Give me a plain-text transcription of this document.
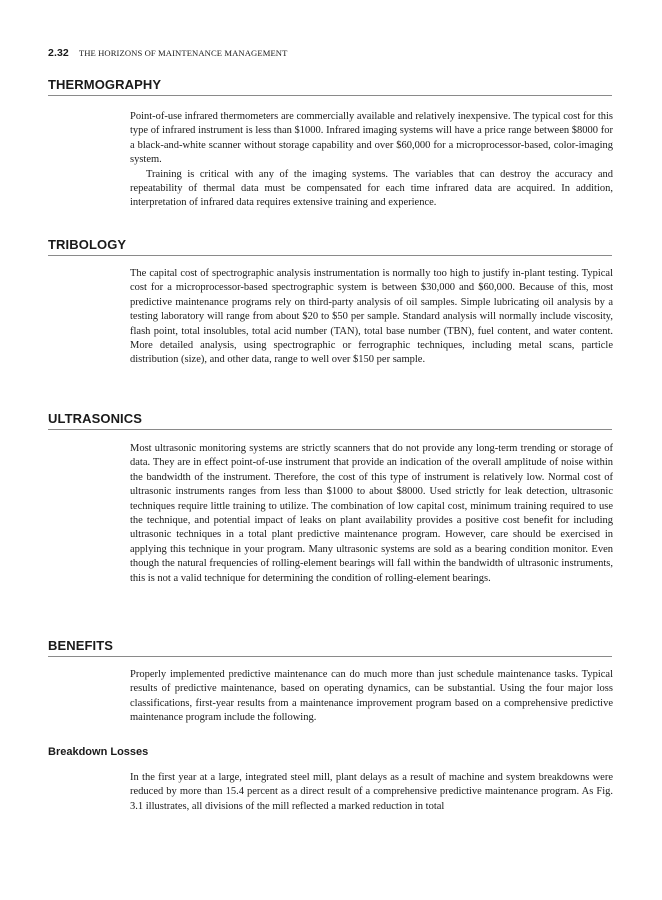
2.32 THE HORIZONS OF MAINTENANCE MANAGEMENT
THERMOGRAPHY

Point-of-use infrared thermometers are commercially available and relatively inexpensive. The typical cost for this type of infrared instrument is less than $1000. Infrared imaging systems will have a price range between $8000 for a black-and-white scanner without storage capability and over $60,000 for a microprocessor-based, color-imaging system.

Training is critical with any of the imaging systems. The variables that can destroy the accuracy and repeatability of thermal data must be compensated for each time infrared data are acquired. In addition, interpretation of infrared data requires extensive training and experience.

TRIBOLOGY

The capital cost of spectrographic analysis instrumentation is normally too high to justify in-plant testing. Typical cost for a microprocessor-based spectrographic system is between $30,000 and $60,000. Because of this, most predictive maintenance programs rely on third-party analysis of oil samples. Simple lubricating oil analysis by a testing laboratory will range from about $20 to $50 per sample. Standard analysis will normally include viscosity, flash point, total insolubles, total acid number (TAN), total base number (TBN), fuel content, and water content. More detailed analysis, using spectrographic or ferrographic techniques, including metal scans, particle distribution (size), and other data, range to well over $150 per sample.

ULTRASONICS

Most ultrasonic monitoring systems are strictly scanners that do not provide any long-term trending or storage of data. They are in effect point-of-use instrument that provide an indication of the overall amplitude of noise within the bandwidth of the instrument. Therefore, the cost of this type of instrument is relatively low. Normal cost of ultrasonic instruments ranges from less than $1000 to about $8000. Used strictly for leak detection, ultrasonic techniques require little training to utilize. The combination of low capital cost, minimum training required to use the technique, and potential impact of leaks on plant availability provides a positive cost benefit for including ultrasonic techniques in a total plant predictive maintenance program. However, care should be exercised in applying this technique in your program. Many ultrasonic systems are sold as a bearing condition monitor. Even though the natural frequencies of rolling-element bearings will fall within the bandwidth of ultrasonic instruments, this is not a valid technique for determining the condition of rolling-element bearings.

BENEFITS

Properly implemented predictive maintenance can do much more than just schedule maintenance tasks. Typical results of predictive maintenance, based on operating dynamics, can be substantial. Using the four major loss classifications, first-year results from a maintenance improvement program based on a comprehensive predictive maintenance program include the following.

Breakdown Losses

In the first year at a large, integrated steel mill, plant delays as a result of machine and system breakdowns were reduced by more than 15.4 percent as a direct result of a comprehensive predictive maintenance program. As Fig. 3.1 illustrates, all divisions of the mill reflected a marked reduction in total
